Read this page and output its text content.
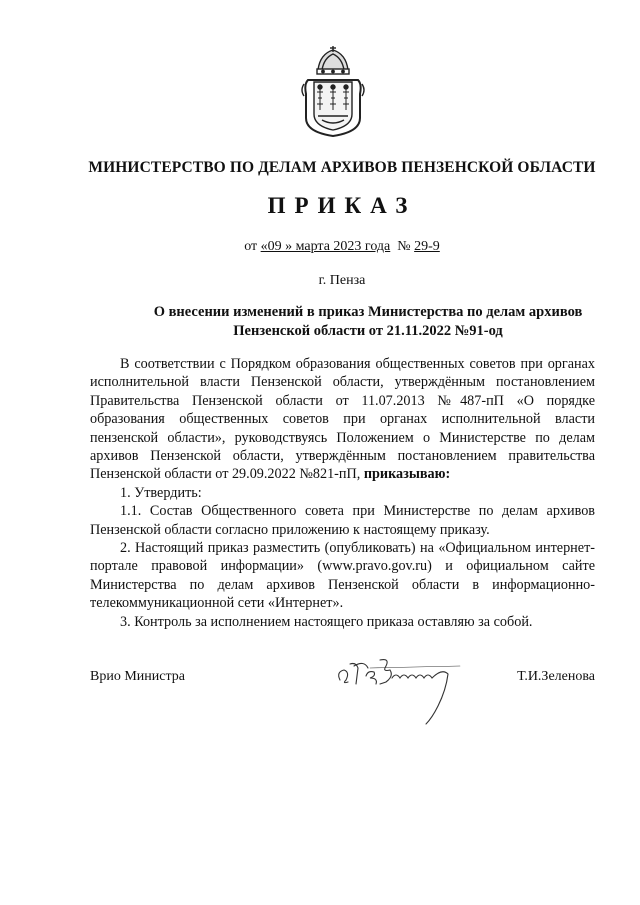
МИНИСТЕРСТВО ПО ДЕЛАМ АРХИВОВ ПЕНЗЕНСКОЙ ОБЛАСТИ
ПРИКАЗ
от «09 » марта 2023 года № 29-9
г. Пенза
О внесении изменений в приказ Министерства по делам архивов
Пензенской области от 21.11.2022 №91-од

В соответствии с Порядком образования общественных советов при органах исполнительной власти Пензенской области, утверждённым постановлением Правительства Пензенской области от 11.07.2013 №487-пП «О порядке образования общественных советов при органах исполнительной власти пензенской области», руководствуясь Положением о Министерстве по делам архивов Пензенской области, утверждённым постановлением правительства Пензенской области от 29.09.2022 №821-пП, приказываю:

1. Утвердить:

1.1. Состав Общественного совета при Министерстве по делам архивов Пензенской области согласно приложению к настоящему приказу.

2. Настоящий приказ разместить (опубликовать) на «Официальном интернет-портале правовой информации» (www.pravo.gov.ru) и официальном сайте Министерства по делам архивов Пензенской области в информационно-телекоммуникационной сети «Интернет».

3. Контроль за исполнением настоящего приказа оставляю за собой.

Врио Министра	Т.И.Зеленова
